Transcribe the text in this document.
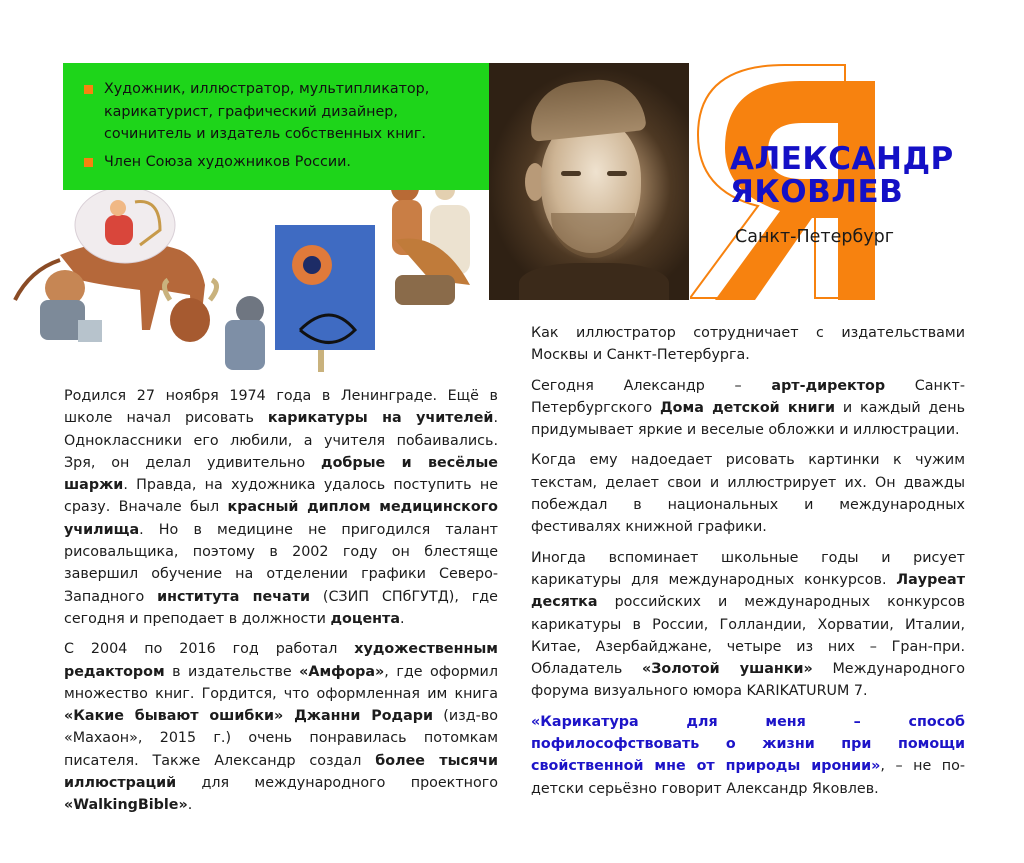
Художник, иллюстратор, мультипликатор, карикатурист, графический дизайнер, сочинитель и издатель собственных книг.
Член Союза художников России.	АЛЕКСАНДР
ЯКОВЛЕВ
Санкт-Петербург

Родился 27 ноября 1974 года в Ленинграде. Ещё в школе начал рисовать карикатуры на учителей. Одноклассники его любили, а учителя побаивались. Зря, он делал удивительно добрые и весёлые шаржи. Правда, на художника удалось поступить не сразу. Вначале был красный диплом медицинского училища. Но в медицине не пригодился талант рисовальщика, поэтому в 2002 году он блестяще завершил обучение на отделении графики Северо-Западного института печати (СЗИП СПбГУТД), где сегодня и преподает в должности доцента.

С 2004 по 2016 год работал художественным редактором в издательстве «Амфора», где оформил множество книг. Гордится, что оформленная им книга «Какие бывают ошибки» Джанни Родари (изд-во «Махаон», 2015 г.) очень понравилась потомкам писателя. Также Александр создал более тысячи иллюстраций для международного проектного «WalkingBible».

Как иллюстратор сотрудничает с издательствами Москвы и Санкт-Петербурга.

Сегодня Александр – арт-директор Санкт-Петербургского Дома детской книги и каждый день придумывает яркие и веселые обложки и иллюстрации.

Когда ему надоедает рисовать картинки к чужим текстам, делает свои и иллюстрирует их. Он дважды побеждал в национальных и международных фестивалях книжной графики.

Иногда вспоминает школьные годы и рисует карикатуры для международных конкурсов. Лауреат десятка российских и международных конкурсов карикатуры в России, Голландии, Хорватии, Италии, Китае, Азербайджане, четыре из них – Гран-при. Обладатель «Золотой ушанки» Международного форума визуального юмора KARIKATURUM 7.

«Карикатура для меня – способ пофилософствовать о жизни при помощи свойственной мне от природы иронии», – не по-детски серьёзно говорит Александр Яковлев.
